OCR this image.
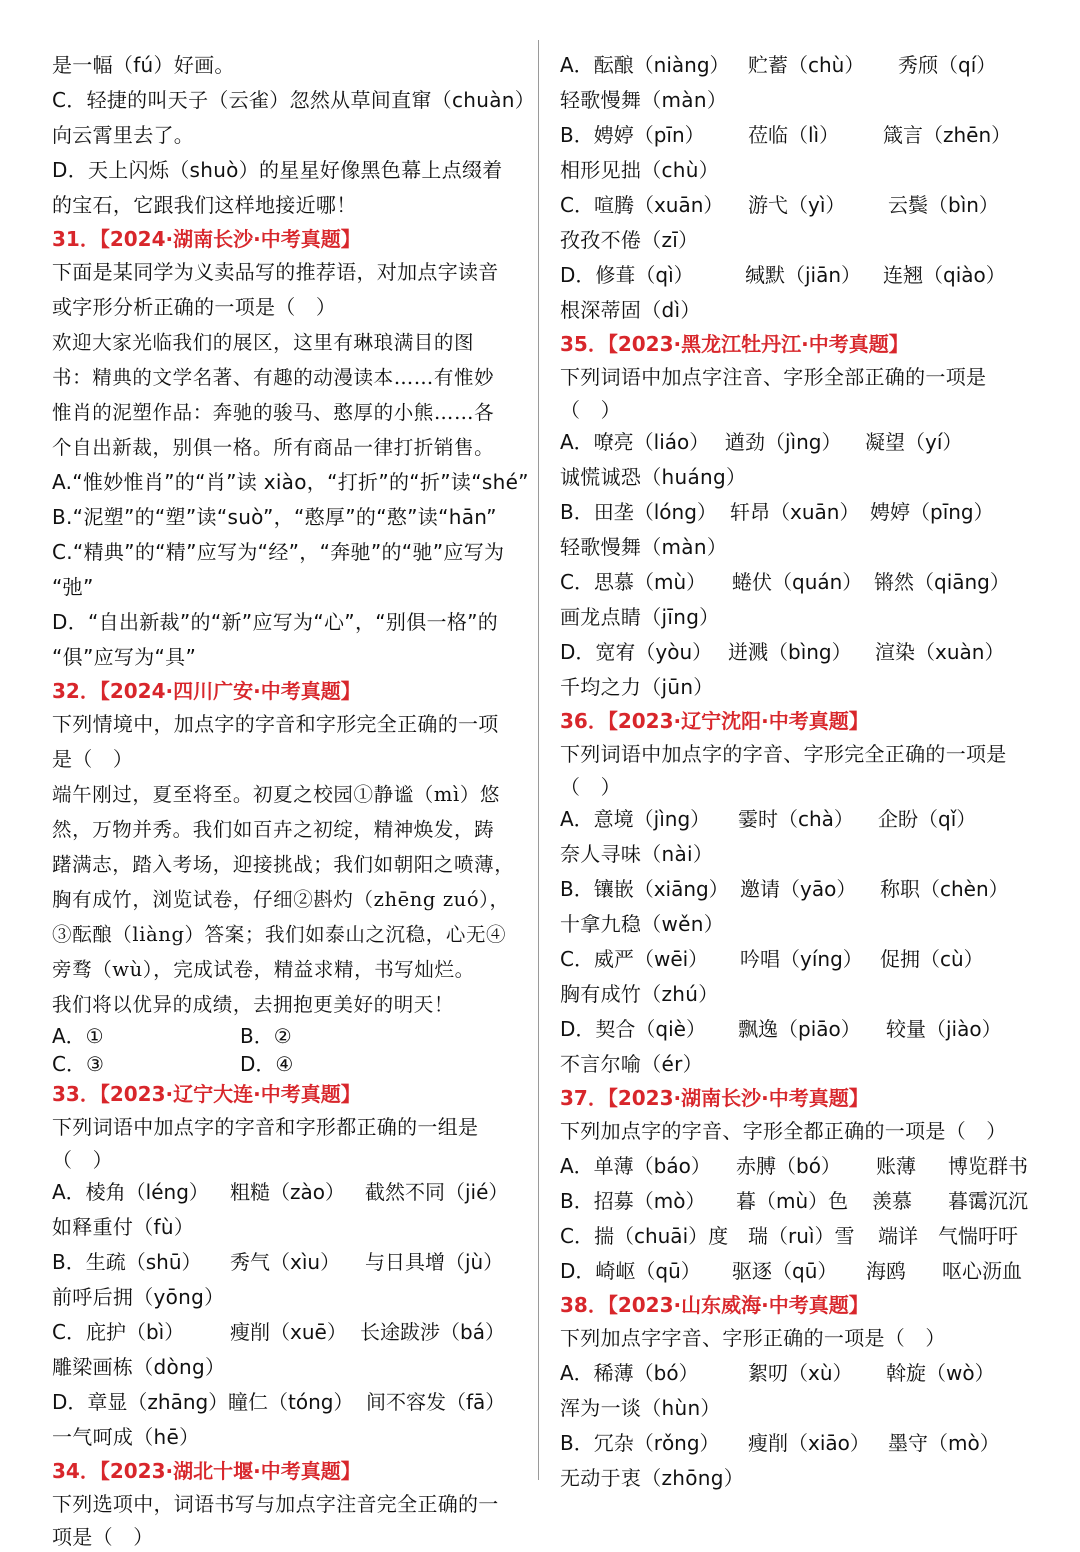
是一幅（fú）好画。
C．轻捷的叫天子（云雀）忽然从草间直窜（chuàn）
向云霄里去了。
D．天上闪烁（shuò）的星星好像黑色幕上点缀着
的宝石，它跟我们这样地接近哪！
31．【2024·湖南长沙·中考真题】
下面是某同学为义卖品写的推荐语，对加点字读音
或字形分析正确的一项是（　）
欢迎大家光临我们的展区，这里有琳琅满目的图
书：精典的文学名著、有趣的动漫读本……有惟妙
惟肖的泥塑作品：奔驰的骏马、憨厚的小熊……各
个自出新裁，别俱一格。所有商品一律打折销售。
A.“惟妙惟肖”的“肖”读 xiào，“打折”的“折”读“shé”
B.“泥塑”的“塑”读“suò”，“憨厚”的“憨”读“hān”
C.“精典”的“精”应写为“经”，“奔驰”的“驰”应写为
“弛”
D．“自出新裁”的“新”应写为“心”，“别俱一格”的
“俱”应写为“具”
32．【2024·四川广安·中考真题】
下列情境中，加点字的字音和字形完全正确的一项
是（　）
端午刚过，夏至将至。初夏之校园①静谧（mì）悠
然，万物并秀。我们如百卉之初绽，精神焕发，踌
躇满志，踏入考场，迎接挑战；我们如朝阳之喷薄，
胸有成竹，浏览试卷，仔细②斟灼（zhēng zuó），
③酝酿（liàng）答案；我们如泰山之沉稳，心无④
旁骛（wù），完成试卷，精益求精，书写灿烂。
我们将以优异的成绩，去拥抱更美好的明天！
A．①	B．②
C．③	D．④
33．【2023·辽宁大连·中考真题】
下列词语中加点字的字音和字形都正确的一组是
（　）
A．棱角（léng）	粗糙（zào）	截然不同（jié）
如释重付（fù）
B．生疏（shū）	秀气（xìu）	与日具增（jù）
前呼后拥（yōng）
C．庇护（bì）	瘦削（xuē） 长途跋涉（bá）
雕梁画栋（dòng）
D．章显（zhāng） 瞳仁（tóng） 间不容发（fā）
一气呵成（hē）
34．【2023·湖北十堰·中考真题】
下列选项中，词语书写与加点字注音完全正确的一
项是（　）
A．酝酿（niàng） 贮蓄（chù）	秀颀（qí）
轻歌慢舞（màn）
B．娉婷（pīn）	莅临（lì）	箴言（zhēn）
相形见拙（chù）
C．喧腾（xuān）	游弋（yì）	云鬓（bìn）
孜孜不倦（zī）
D．修葺（qì）	缄默（jiān）	连翘（qiào）
根深蒂固（dì）
35．【2023·黑龙江牡丹江·中考真题】
下列词语中加点字注音、字形全部正确的一项是
（　）
A．嘹亮（liáo） 遒劲（jìng）	凝望（yí）
诚慌诚恐（huáng）
B．田垄（lóng） 轩昂（xuān） 娉婷（pīng）
轻歌慢舞（màn）
C．思慕（mù）	蜷伏（quán） 锵然（qiāng）
画龙点睛（jīng）
D．宽宥（yòu） 迸溅（bìng）	渲染（xuàn）
千均之力（jūn）
36．【2023·辽宁沈阳·中考真题】
下列词语中加点字的字音、字形完全正确的一项是
（　）
A．意境（jìng）	霎时（chà）	企盼（qǐ）
奈人寻味（nài）
B．镶嵌（xiāng） 邀请（yāo）	称职（chèn）
十拿九稳（wěn）
C．威严（wēi）	吟唱（yíng） 促拥（cù）
胸有成竹（zhú）
D．契合（qiè）	飘逸（piāo）	较量（jiào）
不言尔喻（ér）
37．【2023·湖南长沙·中考真题】
下列加点字的字音、字形全都正确的一项是（　）
A．单薄（báo）	赤膊（bó）	账薄	博览群书
B．招募（mò）	暮（mù）色	羡慕	暮霭沉沉
C．揣（chuāi）度 瑞（ruì）雪	端详	气惴吁吁
D．崎岖（qū）	驱逐（qū）	海鸥	呕心沥血
38．【2023·山东威海·中考真题】
下列加点字字音、字形正确的一项是（　）
A．稀薄（bó）	絮叨（xù）	斡旋（wò）
浑为一谈（hùn）
B．冗杂（rǒng）	瘦削（xiāo） 墨守（mò）
无动于衷（zhōng）
